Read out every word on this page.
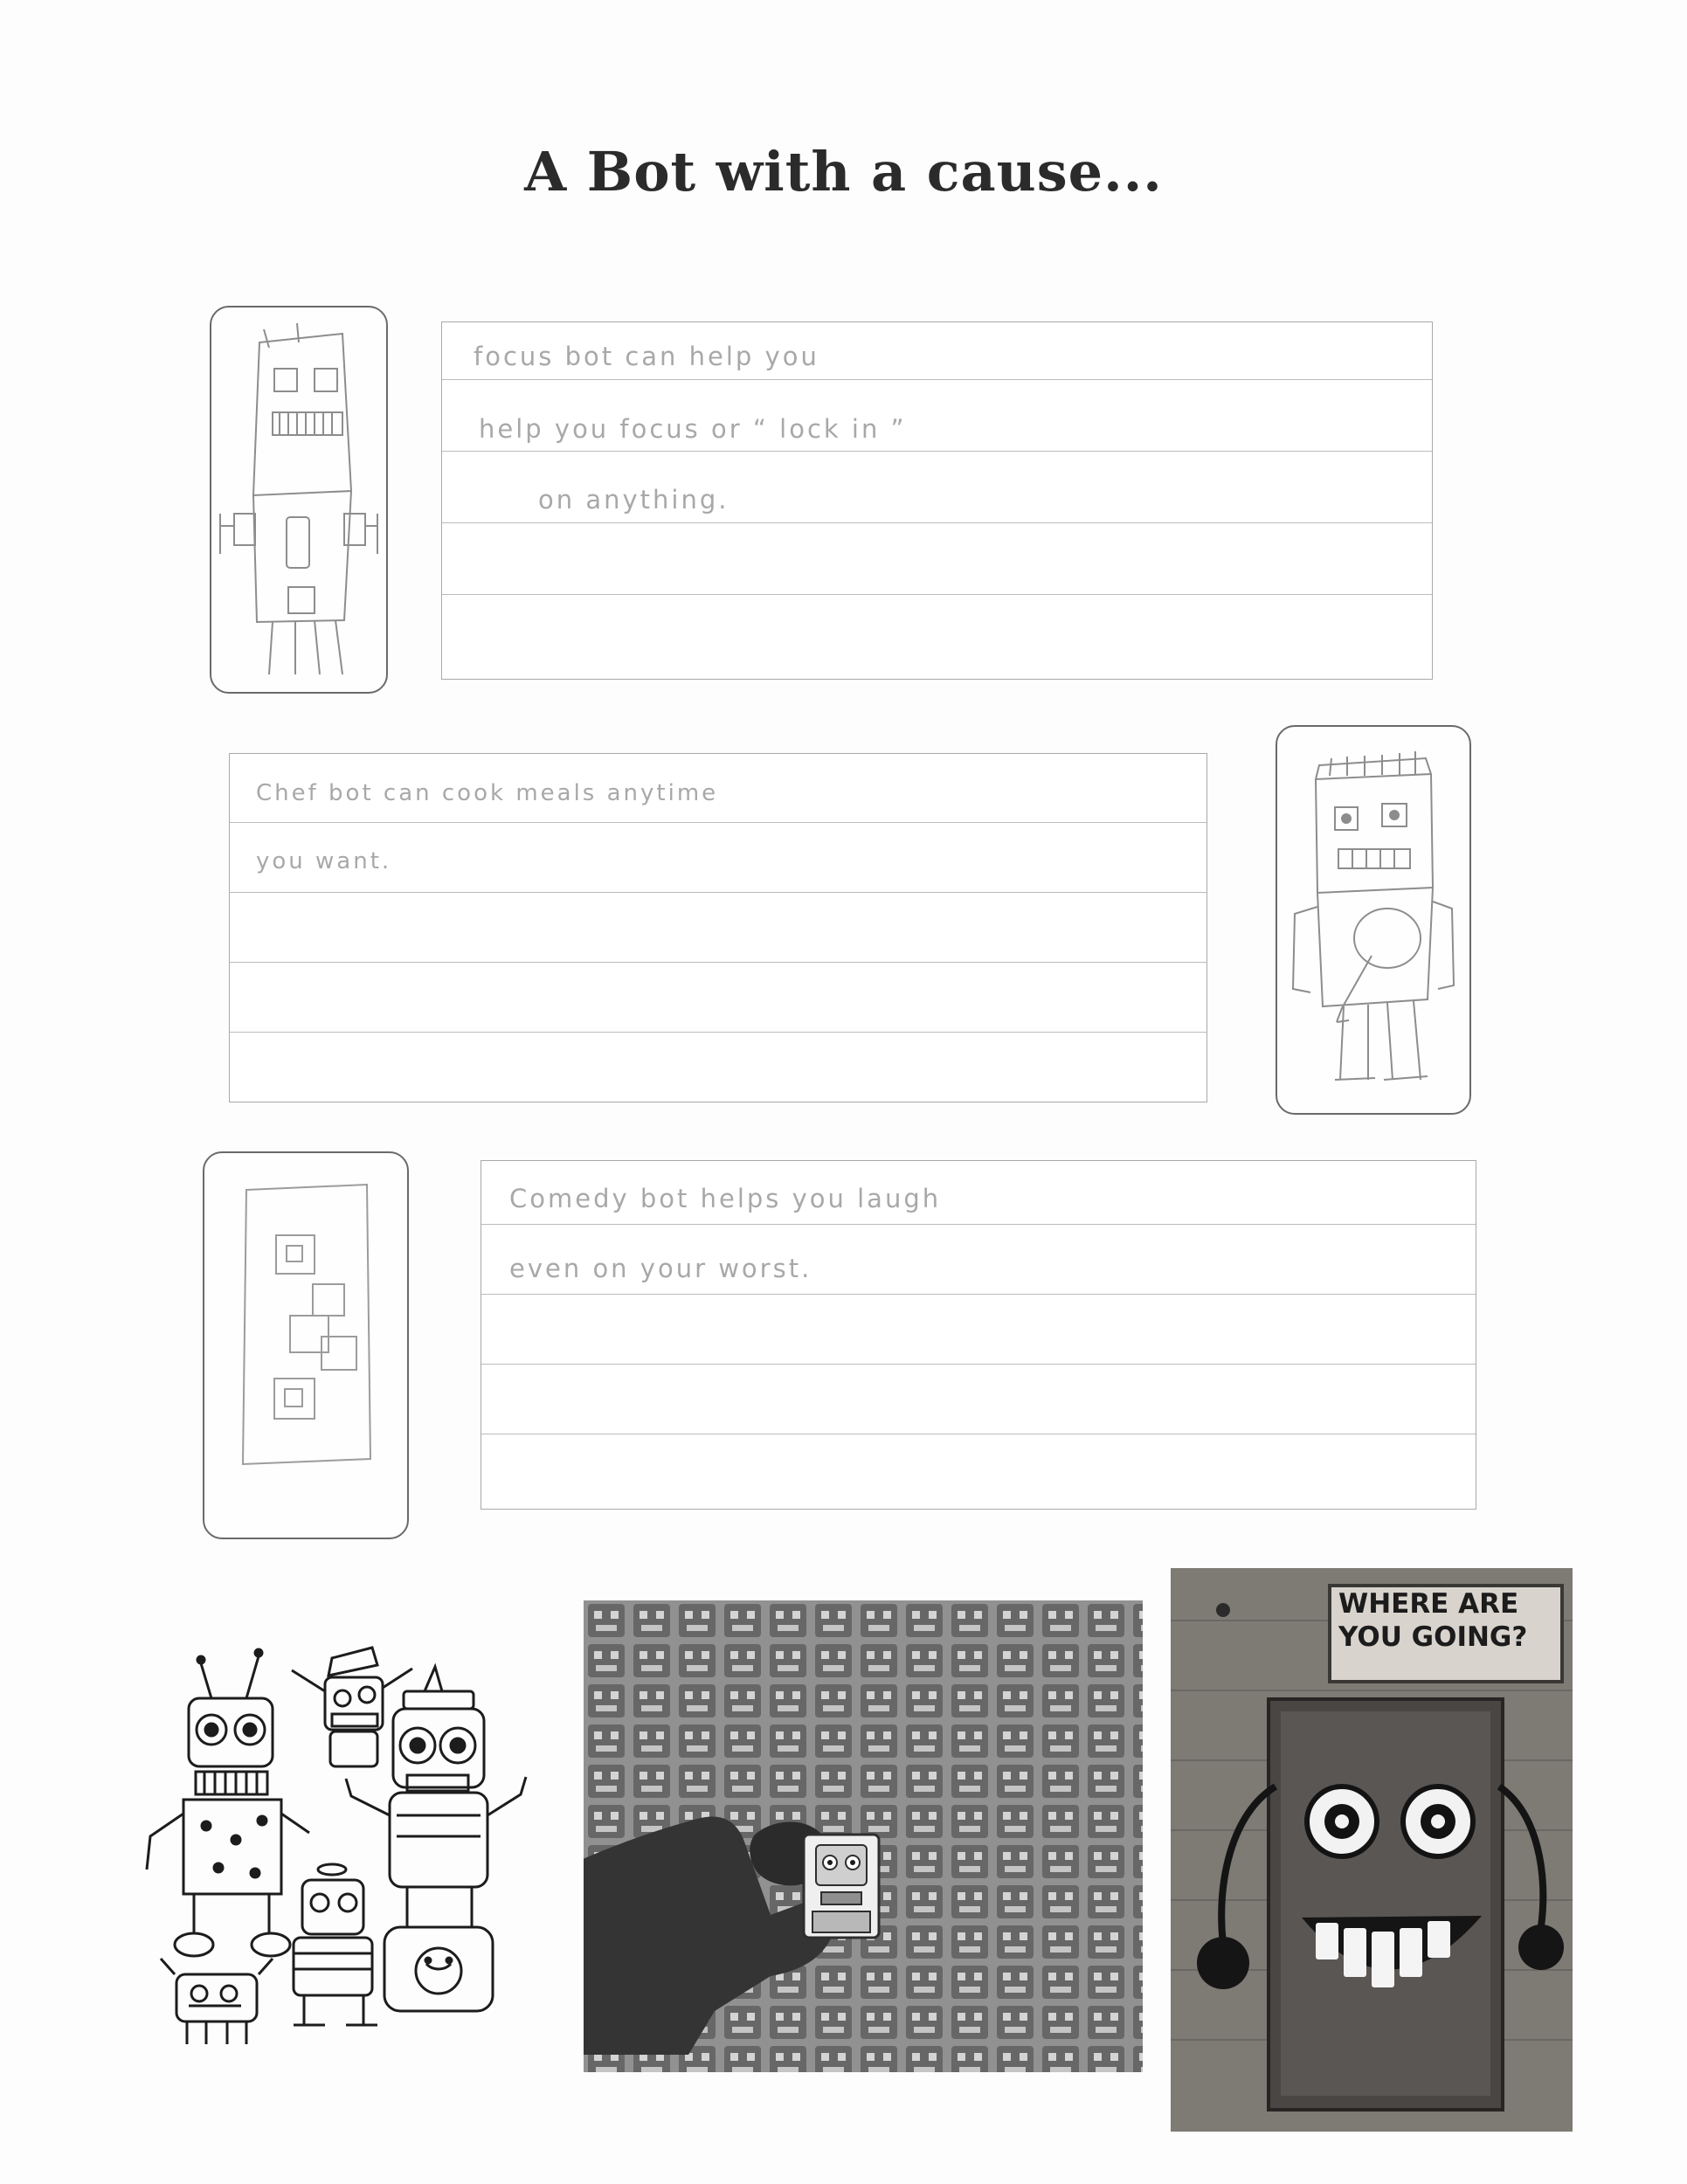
A Bot with a cause...
focus bot can help you
help you focus or “ lock in ”
on anything.
Chef bot can cook meals anytime
you want.
Comedy bot helps you laugh
even on your worst.
WHERE ARE YOU GOING?
